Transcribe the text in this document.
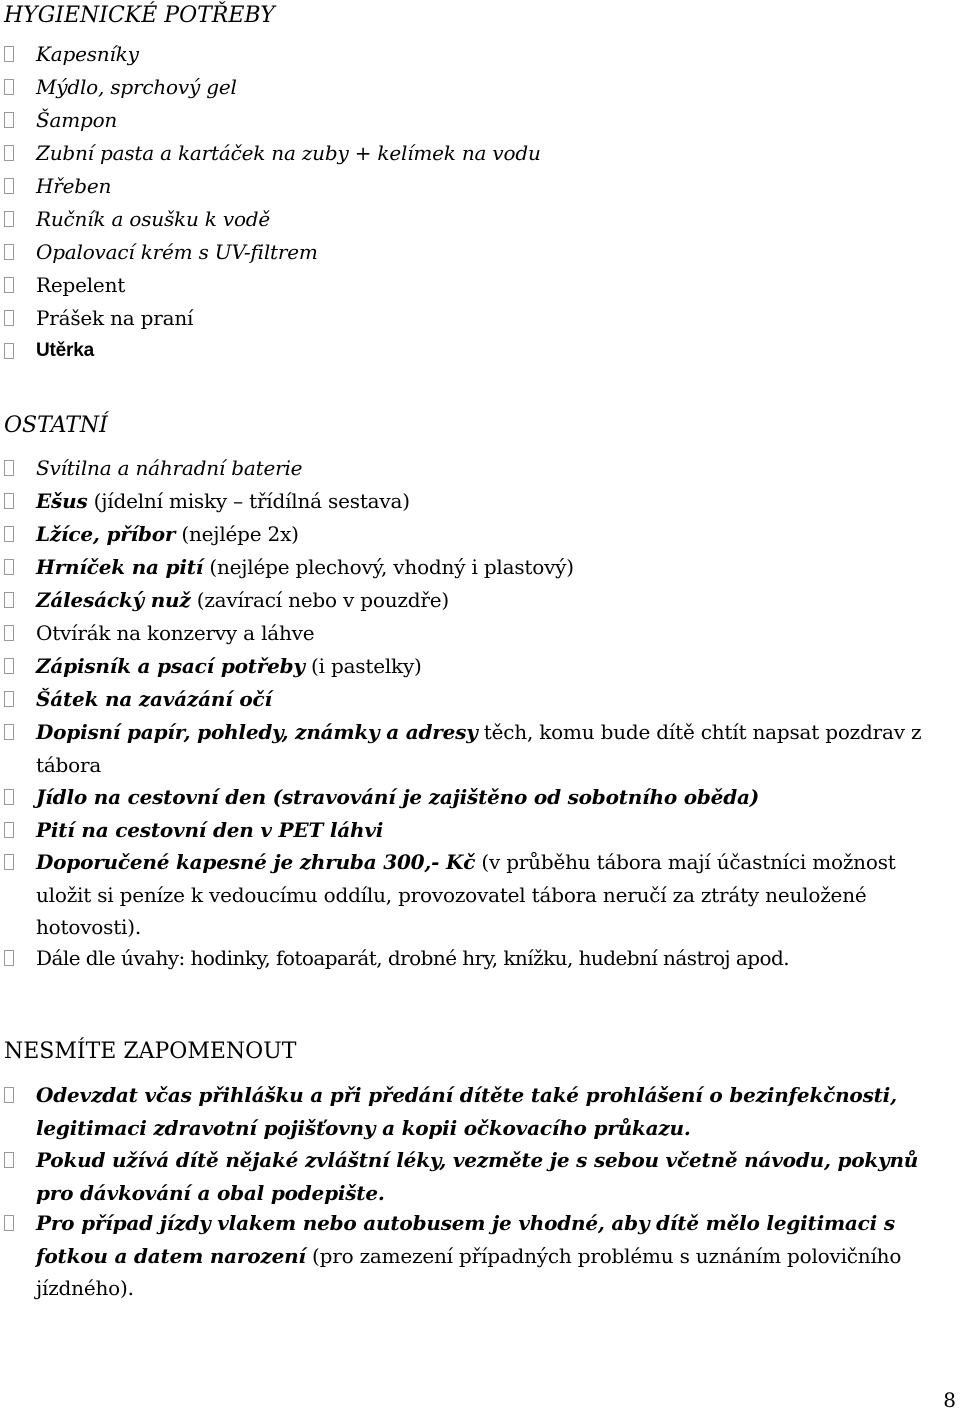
HYGIENICKÉ POTŘEBY
Kapesníky
Mýdlo, sprchový gel
Šampon
Zubní pasta a kartáček na zuby + kelímek na vodu
Hřeben
Ručník a osušku k vodě
Opalovací krém s UV-filtrem
Repelent
Prášek na praní
Utěrka
OSTATNÍ
Svítilna a náhradní baterie
Ešus (jídelní misky – třídílná sestava)
Lžíce, příbor (nejlépe 2x)
Hrníček na pití (nejlépe plechový, vhodný i plastový)
Zálesácký nuž (zavírací nebo v pouzdře)
Otvírák na konzervy a láhve
Zápisník a psací potřeby (i pastelky)
Šátek na zavázání očí
Dopisní papír, pohledy, známky a adresy těch, komu bude dítě chtít napsat pozdrav z tábora
Jídlo na cestovní den (stravování je zajištěno od sobotního oběda)
Pití na cestovní den v PET láhvi
Doporučené kapesné je zhruba 300,- Kč (v průběhu tábora mají účastníci možnost uložit si peníze k vedoucímu oddílu, provozovatel tábora neručí za ztráty neuložené hotovosti).
Dále dle úvahy: hodinky, fotoaparát, drobné hry, knížku, hudební nástroj apod.
NESMÍTE ZAPOMENOUT
Odevzdat včas přihlášku a při předání dítěte také prohlášení o bezinfekčnosti, legitimaci zdravotní pojišťovny a kopii očkovacího průkazu.
Pokud užívá dítě nějaké zvláštní léky, vezměte je s sebou včetně návodu, pokynů pro dávkování a obal podepište.
Pro případ jízdy vlakem nebo autobusem je vhodné, aby dítě mělo legitimaci s fotkou a datem narození (pro zamezení případných problému s uznáním polovičního jízdného).
8
